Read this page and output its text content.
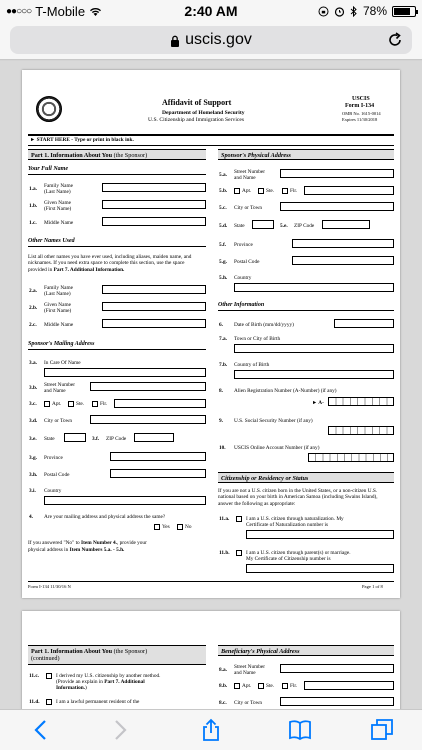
●●○○○ T-Mobile	2:40 AM	78%
uscis.gov
Affidavit of Support
Department of Homeland Security
U.S. Citizenship and Immigration Services
USCIS
Form I-134
OMB No. 1615-0014
Expires 11/30/2018
► START HERE - Type or print in black ink.
Part 1. Information About You (the Sponsor)
Your Full Name
1.a. Family Name
(Last Name)
1.b. Given Name
(First Name)
1.c. Middle Name
Other Names Used
List all other names you have ever used, including aliases, maiden name, and nicknames. If you need extra space to complete this section, use the space provided in Part 7. Additional Information.
2.a. Family Name
(Last Name)
2.b. Given Name
(First Name)
2.c. Middle Name
Sponsor's Mailing Address
3.a. In Care Of Name
3.b. Street Number
and Name
3.c.	Apt.	Ste.	Flr.
3.d. City or Town
3.e. State	3.f. ZIP Code
3.g. Province
3.h. Postal Code
3.i. Country
4. Are your mailing address and physical address the same?
Yes	No
If you answered "No" to Item Number 4., provide your
physical address in Item Numbers 5.a. - 5.h.
Sponsor's Physical Address
5.a. Street Number
and Name
5.b.	Apt.	Ste.	Flr.
5.c. City or Town
5.d. State	5.e. ZIP Code
5.f. Province
5.g. Postal Code
5.h. Country
Other Information
6. Date of Birth (mm/dd/yyyy)
7.a. Town or City of Birth
7.b. Country of Birth
8. Alien Registration Number (A-Number) (if any)
► A-
9. U.S. Social Security Number (if any)
10. USCIS Online Account Number (if any)
Citizenship or Residency or Status
If you are not a U.S. citizen born in the United States, or a non-citizen U.S. national based on your birth in American Samoa (including Swains Island), answer the following as appropriate:
11.a.	I am a U.S. citizen through naturalization. My
Certificate of Naturalization number is
11.b.	I am a U.S. citizen through parent(s) or marriage.
My Certificate of Citizenship number is
Form I-134 11/30/16 N	Page 1 of 8
Part 1. Information About You (the Sponsor)
(continued)
11.c.	I derived my U.S. citizenship by another method.
(Provide an explain in Part 7. Additional
Information.)
11.d.	I am a lawful permanent resident of the
Beneficiary's Physical Address
8.a. Street Number
and Name
8.b.	Apt.	Ste.	Flr.
8.c. City or Town
